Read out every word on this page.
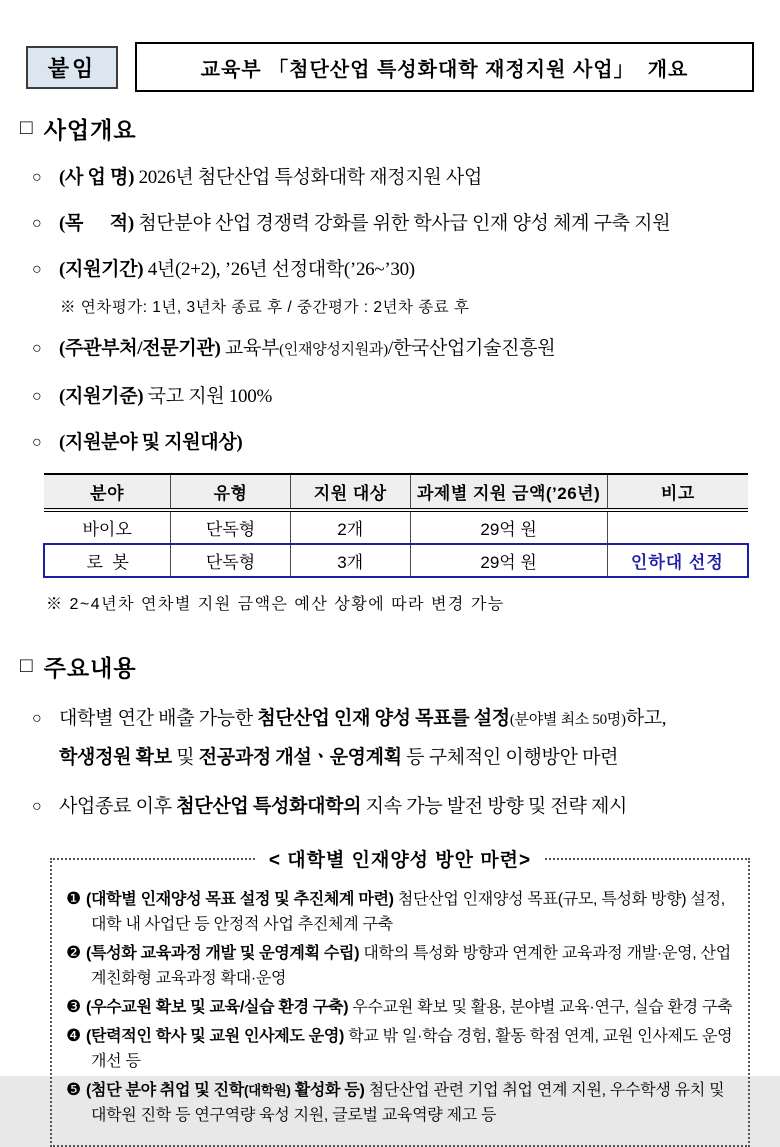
붙임	교육부 「첨단산업 특성화대학 재정지원 사업」  개요
□ 사업개요
○ (사 업 명) 2026년 첨단산업 특성화대학 재정지원 사업
○ (목      적) 첨단분야 산업 경쟁력 강화를 위한 학사급 인재 양성 체계 구축 지원
○ (지원기간) 4년(2+2), ’26년 선정대학(’26~’30)
※ 연차평가: 1년, 3년차 종료 후 / 중간평가 : 2년차 종료 후
○ (주관부처/전문기관) 교육부(인재양성지원과)/한국산업기술진흥원
○ (지원기준) 국고 지원 100%
○ (지원분야 및 지원대상)
분야	유형	지원 대상	과제별 지원 금액(’26년)	비고
바이오	단독형	2개	29억 원	
로  봇	단독형	3개	29억 원	인하대 선정
※ 2~4년차 연차별 지원 금액은 예산 상황에 따라 변경 가능
□ 주요내용
○ 대학별 연간 배출 가능한 첨단산업 인재 양성 목표를 설정(분야별 최소 50명)하고,
학생정원 확보 및 전공과정 개설ㆍ운영계획 등 구체적인 이행방안 마련
○ 사업종료 이후 첨단산업 특성화대학의 지속 가능 발전 방향 및 전략 제시
< 대학별 인재양성 방안 마련>
❶ (대학별 인재양성 목표 설정 및 추진체계 마련) 첨단산업 인재양성 목표(규모, 특성화 방향) 설정, 대학 내 사업단 등 안정적 사업 추진체계 구축
❷ (특성화 교육과정 개발 및 운영계획 수립) 대학의 특성화 방향과 연계한 교육과정 개발·운영, 산업계친화형 교육과정 확대·운영
❸ (우수교원 확보 및 교육/실습 환경 구축) 우수교원 확보 및 활용, 분야별 교육·연구, 실습 환경 구축
❹ (탄력적인 학사 및 교원 인사제도 운영) 학교 밖 일·학습 경험, 활동 학점 연계, 교원 인사제도 운영 개선 등
❺ (첨단 분야 취업 및 진학(대학원) 활성화 등) 첨단산업 관련 기업 취업 연계 지원, 우수학생 유치 및 대학원 진학 등 연구역량 육성 지원, 글로벌 교육역량 제고 등
